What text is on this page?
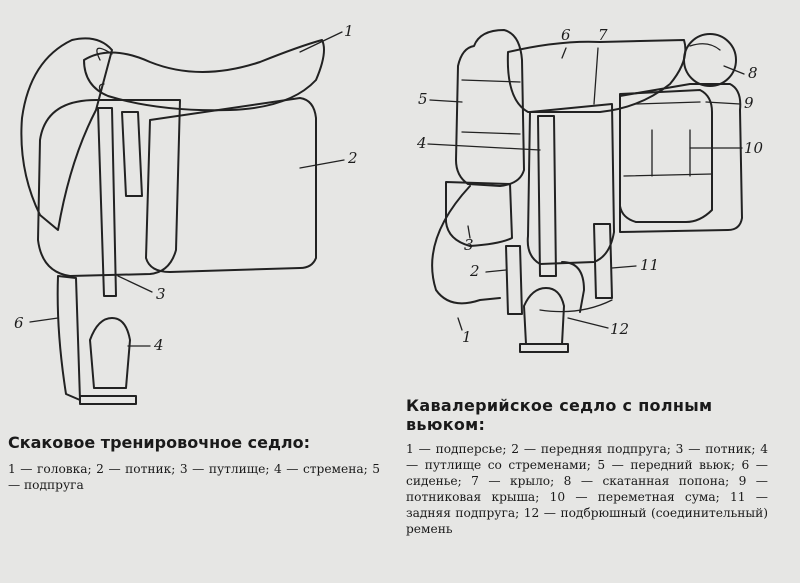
1
2
3
4
6
6 7
8
9
5
4	10
3
2	11
1	12
Скаковое тренировочное седло:
1 — головка; 2 — потник; 3 — путлище; 4 — стремена; 5 — подпруга
Кавалерийское седло с полным вьюком:
1 — подперсье; 2 — передняя подпруга; 3 — потник; 4 — путлище со стременами; 5 — передний вьюк; 6 — сиденье; 7 — крыло; 8 — скатанная попона; 9 — потниковая крыша; 10 — переметная сума; 11 — задняя подпруга; 12 — подбрюшный (соединительный) ремень
